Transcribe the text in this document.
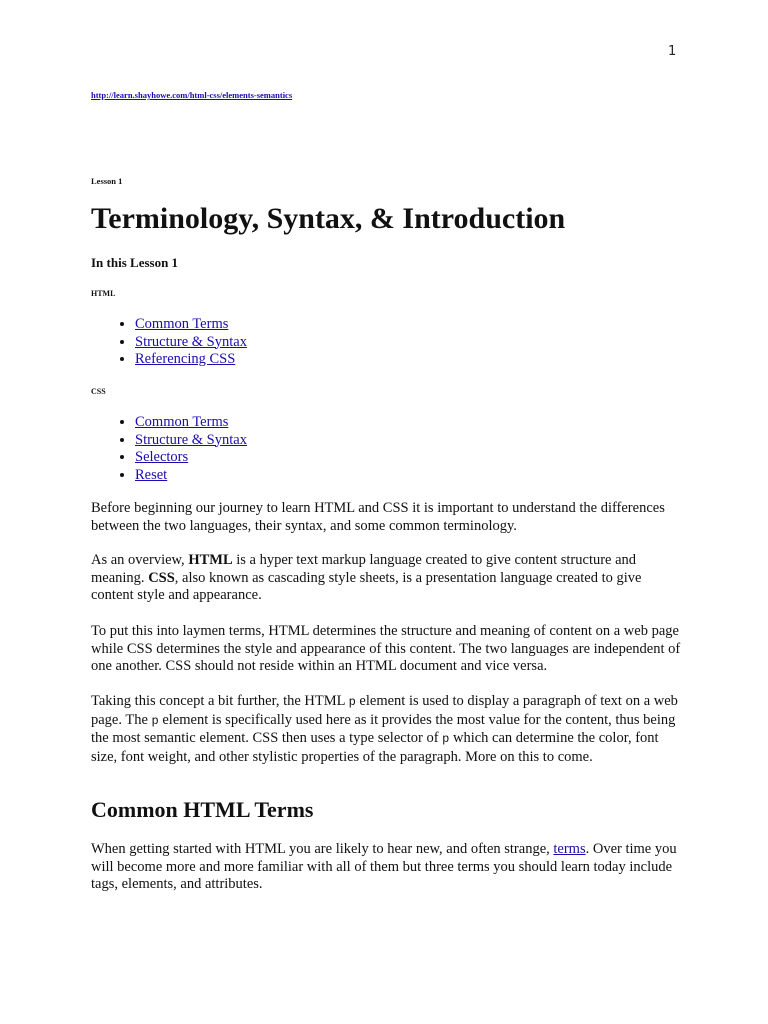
1
http://learn.shayhowe.com/html-css/elements-semantics
Lesson 1
Terminology, Syntax, & Introduction
In this Lesson 1
HTML
• Common Terms
• Structure & Syntax
• Referencing CSS
CSS
• Common Terms
• Structure & Syntax
• Selectors
• Reset

Before beginning our journey to learn HTML and CSS it is important to understand the differences between the two languages, their syntax, and some common terminology.

As an overview, HTML is a hyper text markup language created to give content structure and meaning. CSS, also known as cascading style sheets, is a presentation language created to give content style and appearance.

To put this into laymen terms, HTML determines the structure and meaning of content on a web page while CSS determines the style and appearance of this content. The two languages are independent of one another. CSS should not reside within an HTML document and vice versa.

Taking this concept a bit further, the HTML p element is used to display a paragraph of text on a web page. The p element is specifically used here as it provides the most value for the content, thus being the most semantic element. CSS then uses a type selector of p which can determine the color, font size, font weight, and other stylistic properties of the paragraph. More on this to come.

Common HTML Terms

When getting started with HTML you are likely to hear new, and often strange, terms. Over time you will become more and more familiar with all of them but three terms you should learn today include tags, elements, and attributes.
